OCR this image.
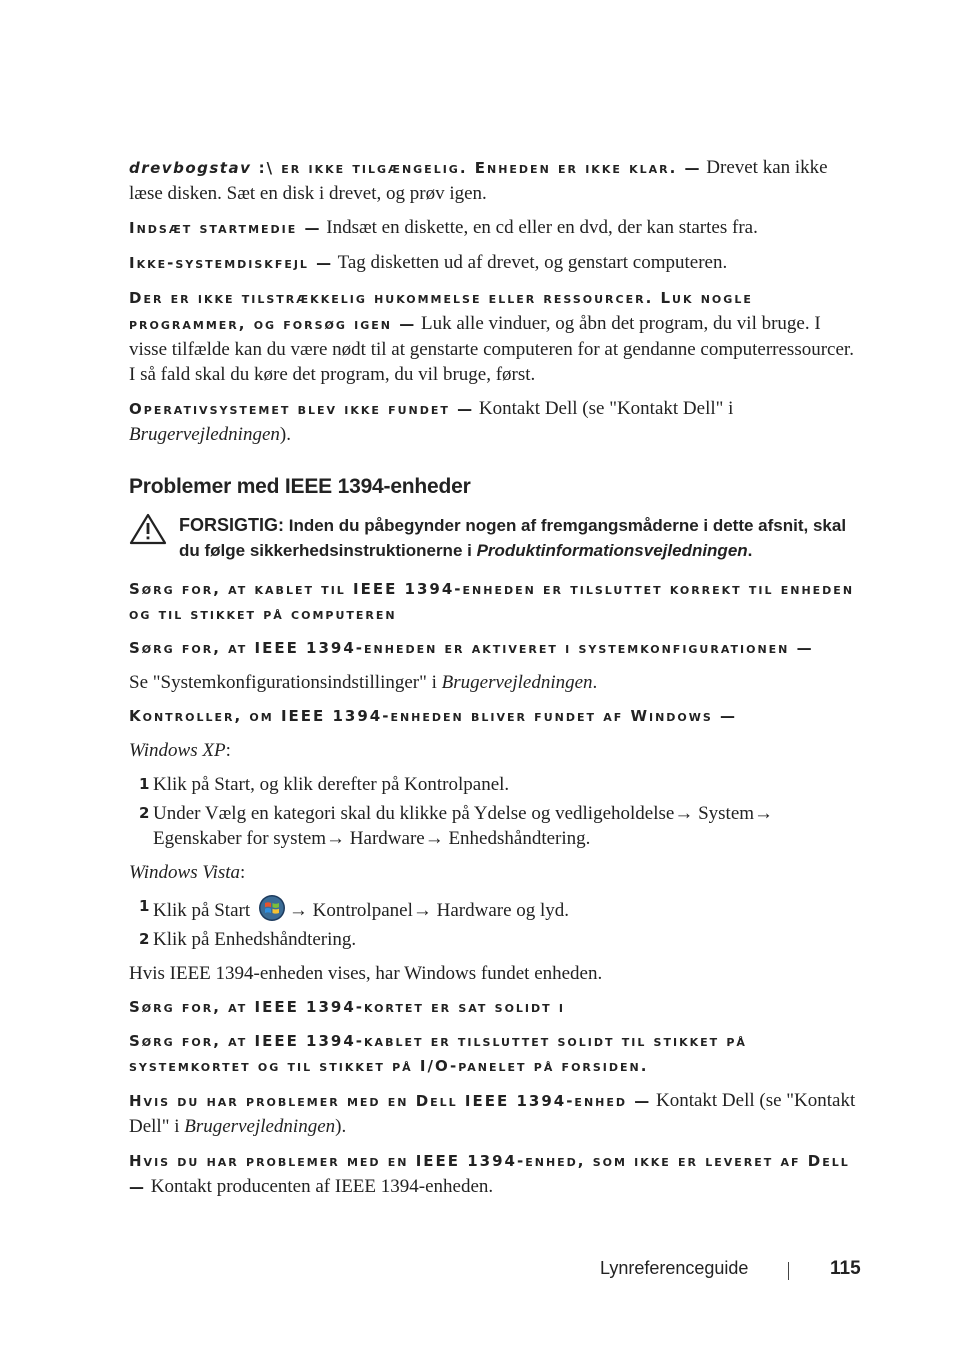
drevbogstav :\ er ikke tilgængelig. Enheden er ikke klar. — Drevet kan ikke læse disken. Sæt en disk i drevet, og prøv igen.

Indsæt startmedie — Indsæt en diskette, en cd eller en dvd, der kan startes fra.

Ikke-systemdiskfejl — Tag disketten ud af drevet, og genstart computeren.

Der er ikke tilstrækkelig hukommelse eller ressourcer. Luk nogle programmer, og forsøg igen — Luk alle vinduer, og åbn det program, du vil bruge. I visse tilfælde kan du være nødt til at genstarte computeren for at gendanne computerressourcer. I så fald skal du køre det program, du vil bruge, først.

Operativsystemet blev ikke fundet — Kontakt Dell (se "Kontakt Dell" i Brugervejledningen).

Problemer med IEEE 1394-enheder
FORSIGTIG: Inden du påbegynder nogen af fremgangsmåderne i dette afsnit, skal du følge sikkerhedsinstruktionerne i Produktinformationsvejledningen.

Sørg for, at kablet til IEEE 1394-enheden er tilsluttet korrekt til enheden og til stikket på computeren

Sørg for, at IEEE 1394-enheden er aktiveret i systemkonfigurationen —

Se "Systemkonfigurationsindstillinger" i Brugervejledningen.

Kontroller, om IEEE 1394-enheden bliver fundet af Windows —

Windows XP:

1 Klik på Start, og klik derefter på Kontrolpanel.
2 Under Vælg en kategori skal du klikke på Ydelse og vedligeholdelse→ System→ Egenskaber for system→ Hardware→ Enhedshåndtering.

Windows Vista:

1 Klik på Start → Kontrolpanel→ Hardware og lyd.
2 Klik på Enhedshåndtering.

Hvis IEEE 1394-enheden vises, har Windows fundet enheden.

Sørg for, at IEEE 1394-kortet er sat solidt i

Sørg for, at IEEE 1394-kablet er tilsluttet solidt til stikket på systemkortet og til stikket på I/O-panelet på forsiden.

Hvis du har problemer med en Dell IEEE 1394-enhed — Kontakt Dell (se "Kontakt Dell" i Brugervejledningen).

Hvis du har problemer med en IEEE 1394-enhed, som ikke er leveret af Dell — Kontakt producenten af IEEE 1394-enheden.

Lynreferenceguide	115
